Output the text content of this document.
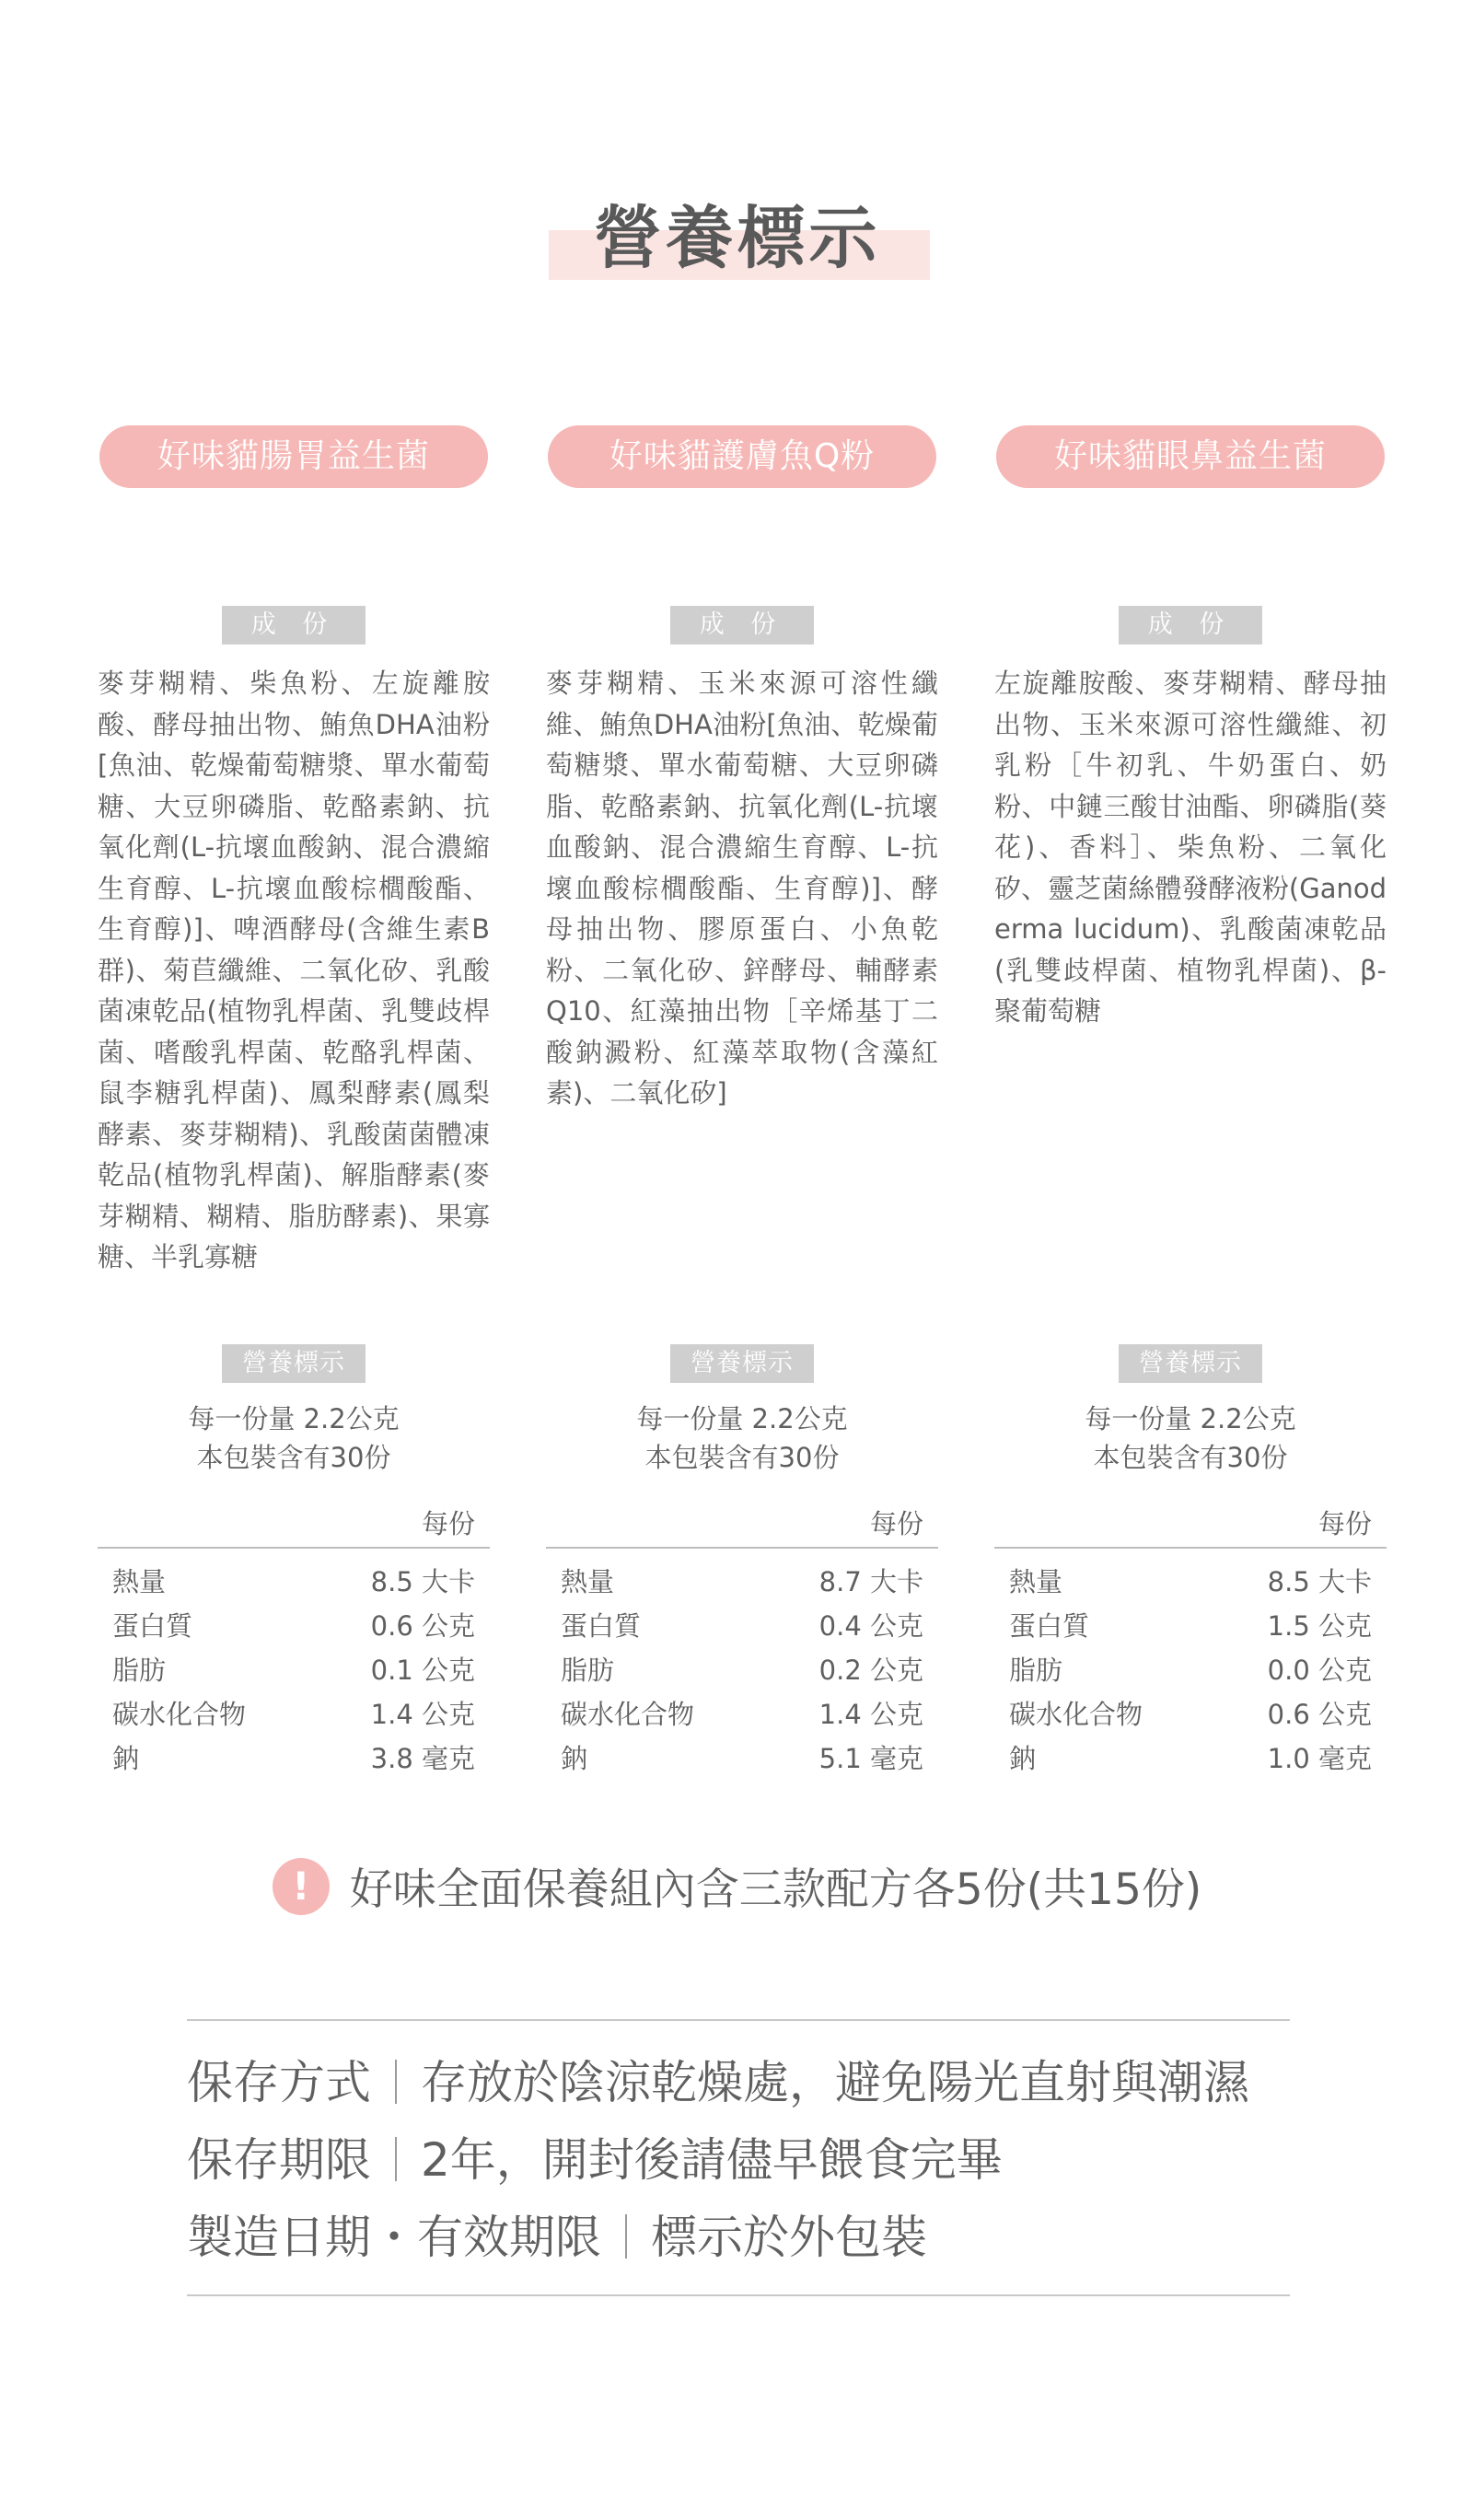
營養標示
好味貓腸胃益生菌
成 份

麥芽糊精、柴魚粉、左旋離胺酸、酵母抽出物、鮪魚DHA油粉[魚油、乾燥葡萄糖漿、單水葡萄糖、大豆卵磷脂、乾酪素鈉、抗氧化劑(L-抗壞血酸鈉、混合濃縮生育醇、L-抗壞血酸棕櫚酸酯、生育醇)]、啤酒酵母(含維生素B群)、菊苣纖維、二氧化矽、乳酸菌凍乾品(植物乳桿菌、乳雙歧桿菌、嗜酸乳桿菌、乾酪乳桿菌、鼠李糖乳桿菌)、鳳梨酵素(鳳梨酵素、麥芽糊精)、乳酸菌菌體凍乾品(植物乳桿菌)、解脂酵素(麥芽糊精、糊精、脂肪酵素)、果寡糖、半乳寡糖

營養標示
每一份量 2.2公克
本包裝含有30份
每份
熱量	8.5 大卡
蛋白質	0.6 公克
脂肪	0.1 公克
碳水化合物	1.4 公克
鈉	3.8 毫克
好味貓護膚魚Q粉
成 份

麥芽糊精、玉米來源可溶性纖維、鮪魚DHA油粉[魚油、乾燥葡萄糖漿、單水葡萄糖、大豆卵磷脂、乾酪素鈉、抗氧化劑(L-抗壞血酸鈉、混合濃縮生育醇、L-抗壞血酸棕櫚酸酯、生育醇)]、酵母抽出物、膠原蛋白、小魚乾粉、二氧化矽、鋅酵母、輔酵素Q10、紅藻抽出物［辛烯基丁二酸鈉澱粉、紅藻萃取物(含藻紅素)、二氧化矽]

營養標示
每一份量 2.2公克
本包裝含有30份
每份
熱量	8.7 大卡
蛋白質	0.4 公克
脂肪	0.2 公克
碳水化合物	1.4 公克
鈉	5.1 毫克
好味貓眼鼻益生菌
成 份

左旋離胺酸、麥芽糊精、酵母抽出物、玉米來源可溶性纖維、初乳粉［牛初乳、牛奶蛋白、奶粉、中鏈三酸甘油酯、卵磷脂(葵花)、香料］、柴魚粉、二氧化矽、靈芝菌絲體發酵液粉(Ganoderma lucidum)、乳酸菌凍乾品(乳雙歧桿菌、植物乳桿菌)、β-聚葡萄糖

營養標示
每一份量 2.2公克
本包裝含有30份
每份
熱量	8.5 大卡
蛋白質	1.5 公克
脂肪	0.0 公克
碳水化合物	0.6 公克
鈉	1.0 毫克
! 好味全面保養組內含三款配方各5份(共15份)
保存方式 存放於陰涼乾燥處，避免陽光直射與潮濕
保存期限 2年，開封後請儘早餵食完畢
製造日期・有效期限 標示於外包裝
